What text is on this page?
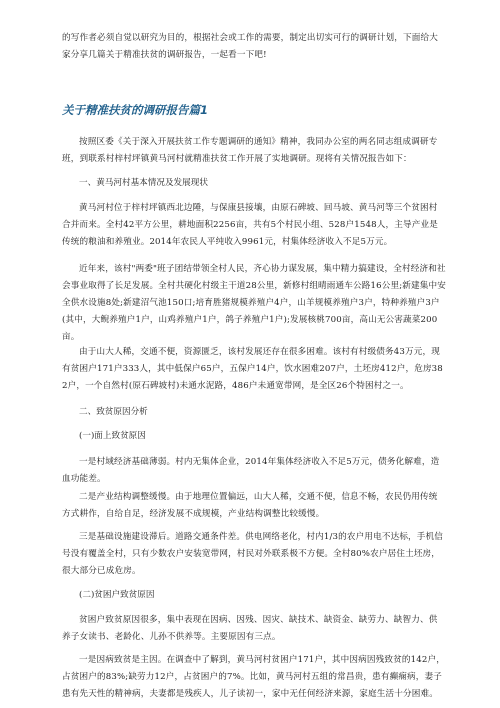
的写作者必须自觉以研究为目的，根据社会或工作的需要，制定出切实可行的调研计划，下面给大家分享几篇关于精准扶贫的调研报告，一起看一下吧!

关于精准扶贫的调研报告篇1

按照区委《关于深入开展扶贫工作专题调研的通知》精神，我同办公室的两名同志组成调研专班，到联系村梓村坪镇黄马河村就精准扶贫工作开展了实地调研。现将有关情况报告如下：

一、黄马河村基本情况及发展现状

黄马河村位于梓村坪镇西北边陲，与保康县接壤，由原石碑坡、回马坡、黄马河等三个贫困村合并而来。全村42平方公里，耕地面积2256亩，共有5个村民小组、528户1548人，主导产业是传统的粮油和养殖业。2014年农民人平纯收入9961元，村集体经济收入不足5万元。

近年来，该村"两委"班子团结带领全村人民，齐心协力谋发展，集中精力搞建设，全村经济和社会事业取得了长足发展。全村共硬化村级主干道28公里，新修村组晴雨通车公路16公里;新建集中安全供水设施8处;新建沼气池150口;培育胜猪规模养殖户4户，山羊规模养殖户3户，特种养殖户3户(其中，大鲵养殖户1户，山鸡养殖户1户，鸽子养殖户1户);发展核桃700亩，高山无公害蔬菜200亩。

由于山大人稀，交通不便，资源匮乏，该村发展还存在很多困难。该村有村级债务43万元，现有贫困户171户333人，其中低保户65户，五保户14户，饮水困难207户，土坯房412户，危房382户，一个自然村(原石碑坡村)未通水泥路，486户未通宽带网，是全区26个特困村之一。

二、致贫原因分析

(一)面上致贫原因

一是村域经济基础薄弱。村内无集体企业，2014年集体经济收入不足5万元，债务化解难，造血功能差。

二是产业结构调整缓慢。由于地理位置偏远，山大人稀，交通不便，信息不畅，农民仍用传统方式耕作，自给自足，经济发展不成规模，产业结构调整比较缓慢。

三是基础设施建设滞后。道路交通条件差。供电网络老化，村内1/3的农户用电不达标，手机信号没有覆盖全村，只有少数农户安装宽带网，村民对外联系极不方便。全村80%农户居住土坯房，很大部分已成危房。

(二)贫困户致贫原因

贫困户致贫原因很多，集中表现在因病、因残、因灾、缺技术、缺资金、缺劳力、缺智力、供养子女读书、老龄化、儿孙不供养等。主要原因有三点。

一是因病致贫是主因。在调查中了解到，黄马河村贫困户171户，其中因病因残致贫的142户，占贫困户的83%;缺劳力12户，占贫困户的7%。比如，黄马河村五组的常昌贵，患有癫痫病，妻子患有先天性的精神病，夫妻都是残疾人，儿子读初一，家中无任何经济来源，家庭生活十分困难。
